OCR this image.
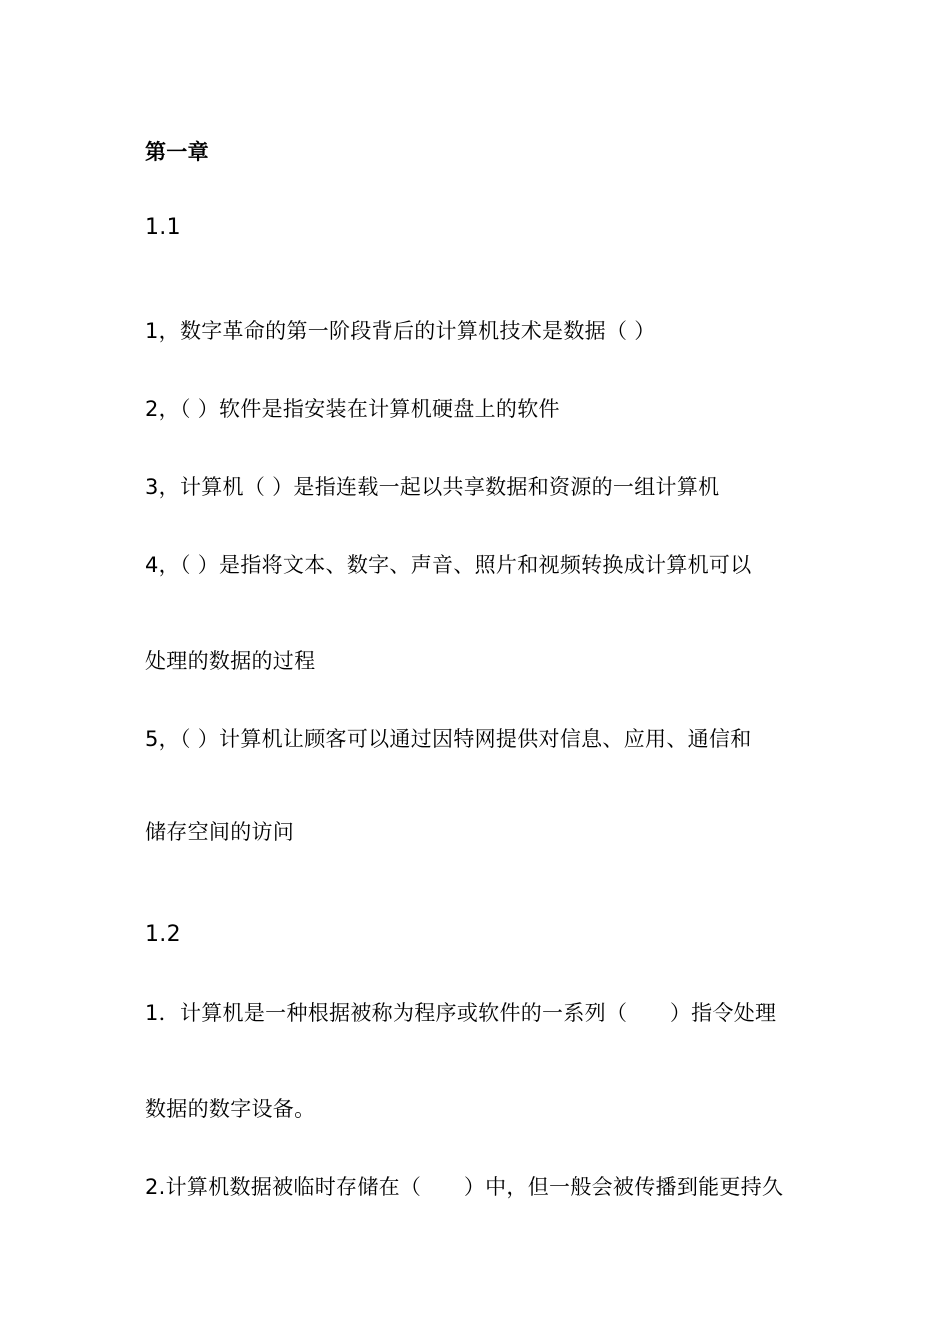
第一章
1.1
1，数字革命的第一阶段背后的计算机技术是数据（ ）
2，（ ）软件是指安装在计算机硬盘上的软件
3，计算机（ ）是指连载一起以共享数据和资源的一组计算机
4，（ ）是指将文本、数字、声音、照片和视频转换成计算机可以
处理的数据的过程
5，（ ）计算机让顾客可以通过因特网提供对信息、应用、通信和
储存空间的访问
1.2
1．计算机是一种根据被称为程序或软件的一系列（　　）指令处理
数据的数字设备。
2.计算机数据被临时存储在（　　）中，但一般会被传播到能更持久
